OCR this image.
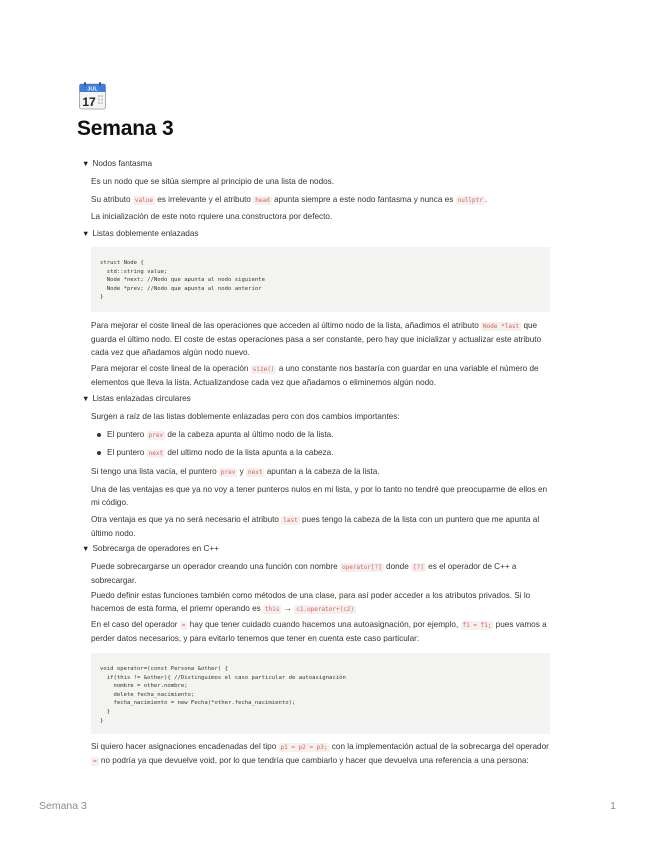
JUL
17
Semana 3
▼ Nodos fantasma

Es un nodo que se sitúa siempre al principio de una lista de nodos.

Su atributo value es irrelevante y el atributo head apunta siempre a este nodo fantasma y nunca es nullptr .

La inicialización de este noto rquiere una constructora por defecto.

▼ Listas doblemente enlazadas
struct Node {
std::string value;
Node *next; //Nodo que apunta al nodo siguiente
Node *prev; //Nodo que apunta al nodo anterior
}

Para mejorar el coste lineal de las operaciones que acceden al último nodo de la lista, añadimos el atributo Node *last que guarda el último nodo. El coste de estas operaciones pasa a ser constante, pero hay que inicializar y actualizar este atributo cada vez que añadamos algún nodo nuevo.

Para mejorar el coste lineal de la operación size() a uno constante nos bastaría con guardar en una variable el número de elementos que lleva la lista. Actualizandose cada vez que añadamos o eliminemos algún nodo.

▼ Listas enlazadas circulares

Surgen a raíz de las listas doblemente enlazadas pero con dos cambios importantes:

El puntero prev de la cabeza apunta al último nodo de la lista.

El puntero next del ultimo nodo de la lista apunta a la cabeza.

Si tengo una lista vacía, el puntero prev y next apuntan a la cabeza de la lista.

Una de las ventajas es que ya no voy a tener punteros nulos en mi lista, y por lo tanto no tendré que preocuparme de ellos en mi código.

Otra ventaja es que ya no será necesario el atributo last pues tengo la cabeza de la lista con un puntero que me apunta al último nodo.

▼ Sobrecarga de operadores en C++

Puede sobrecargarse un operador creando una función con nombre operator[?] donde [?] es el operador de C++ a sobrecargar.

Puedo definir estas funciones también como métodos de una clase, para así poder acceder a los atributos privados. Si lo hacemos de esta forma, el priemr operando es this → c1.operator+(c2)

En el caso del operador = hay que tener cuidado cuando hacemos una autoasignación, por ejemplo, f1 = f1; pues vamos a perder datos necesarios, y para evitarlo tenemos que tener en cuenta este caso particular:

void operator=(const Persona &other) {
if(this != &other){ //Distinguimos el caso particular de autoasignación
nombre = other.nombre;
delete fecha_nacimiento;
fecha_nacimiento = new Fecha(*other.fecha_nacimiento);
}
}

Si quiero hacer asignaciones encadenadas del tipo p1 = p2 = p3; con la implementación actual de la sobrecarga del operador = no podría ya que devuelve void, por lo que tendría que cambiarlo y hacer que devuelva una referencia a una persona:

Semana 3	1
